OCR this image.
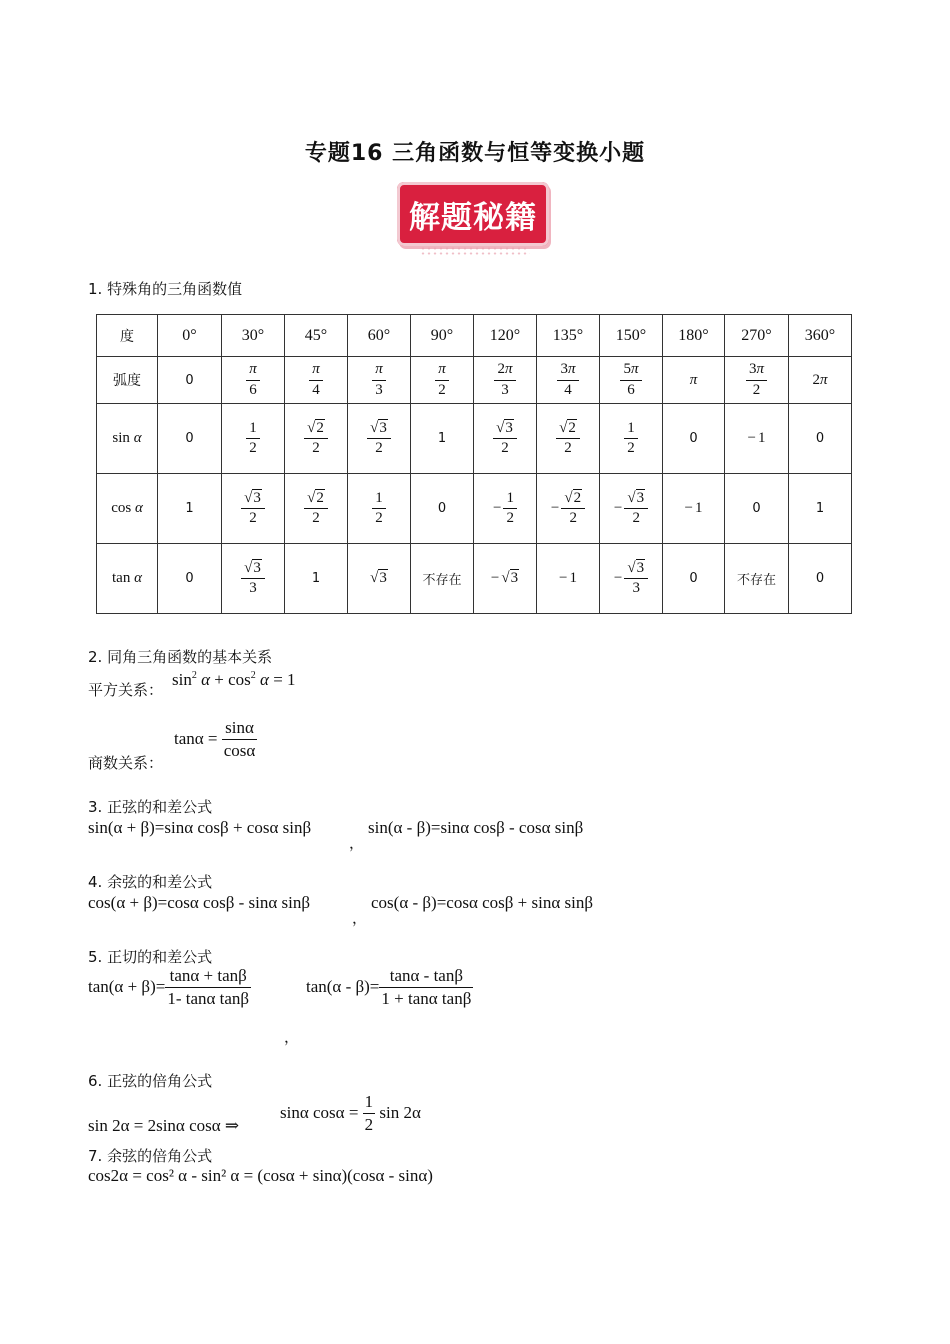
专题16 三角函数与恒等变换小题
解题秘籍
1. 特殊角的三角函数值
度	0°	30°	45°	60°	90°	120°	135°	150°	180°	270°	360°
弧度	0	$\frac{\pi}{6}$	$\frac{\pi}{4}$	$\frac{\pi}{3}$	$\frac{\pi}{2}$	$\frac{2\pi}{3}$	$\frac{3\pi}{4}$	$\frac{5\pi}{6}$	π	$\frac{3\pi}{2}$	2π
sin α	0	$\frac{1}{2}$	$\frac{√2}{2}$	$\frac{√3}{2}$	1	$\frac{√3}{2}$	$\frac{√2}{2}$	$\frac{1}{2}$	0	− 1	0
cos α	1	$\frac{√3}{2}$	$\frac{√2}{2}$	$\frac{1}{2}$	0	− $\frac{1}{2}$	− $\frac{√2}{2}$	− $\frac{√3}{2}$	− 1	0	1
tan α	0	$\frac{√3}{3}$	1	√3	不存在	− √3	− 1	− $\frac{√3}{3}$	0	不存在	0
2. 同角三角函数的基本关系
平方关系：
$\sin^2 \alpha + \cos^2 \alpha = 1$
$\tan\alpha = \frac{\sin\alpha}{\cos\alpha}$
商数关系：
3. 正弦的和差公式
sin(α + β)=sinα cosβ + cosα sinβ
，
sin(α - β)=sinα cosβ - cosα sinβ
4. 余弦的和差公式
cos(α + β)=cosα cosβ - sinα sinβ
，
cos(α - β)=cosα cosβ + sinα sinβ
5. 正切的和差公式
$\tan(\alpha + \beta)= \frac{\tan\alpha + \tan\beta}{\text{1- tanα tanβ}}$	$\tan(\alpha - \beta)= \frac{\tan\alpha - \tan\beta}{\text{1 + tanα tanβ}}$
，
6. 正弦的倍角公式
sin 2α = 2sinα cosα ⇒
sinα $\cos\alpha = \frac{1}{2}$ sin 2α
7. 余弦的倍角公式
cos2α = cos² α - sin² α = (cosα + sinα)(cosα - sinα)
